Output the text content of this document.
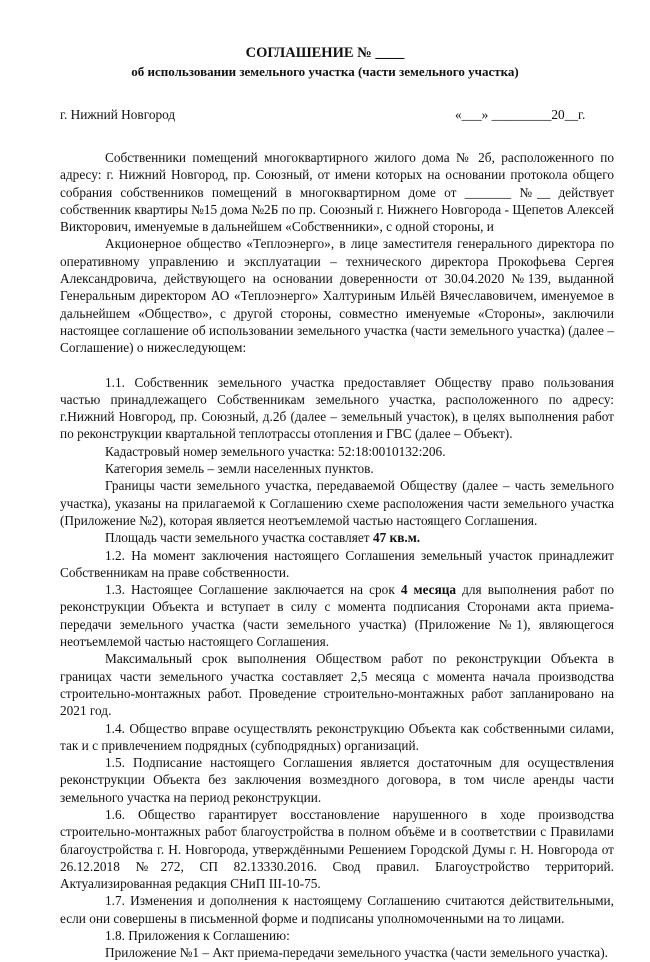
СОГЛАШЕНИЕ № ____
об использовании земельного участка (части земельного участка)
г. Нижний Новгород	«___» _________20__г.

Собственники помещений многоквартирного жилого дома № 2б, расположенного по адресу: г. Нижний Новгород, пр. Союзный, от имени которых на основании протокола общего собрания собственников помещений в многоквартирном доме от _______ №__ действует собственник квартиры №15 дома №2Б по пр. Союзный г. Нижнего Новгорода - Щепетов Алексей Викторович, именуемые в дальнейшем «Собственники», с одной стороны, и

Акционерное общество «Теплоэнерго», в лице заместителя генерального директора по оперативному управлению и эксплуатации – технического директора Прокофьева Сергея Александровича, действующего на основании доверенности от 30.04.2020 №139, выданной Генеральным директором АО «Теплоэнерго» Халтуриным Ильёй Вячеславовичем, именуемое в дальнейшем «Общество», с другой стороны, совместно именуемые «Стороны», заключили настоящее соглашение об использовании земельного участка (части земельного участка) (далее – Соглашение) о нижеследующем:

1.1. Собственник земельного участка предоставляет Обществу право пользования частью принадлежащего Собственникам земельного участка, расположенного по адресу: г.Нижний Новгород, пр. Союзный, д.2б (далее – земельный участок), в целях выполнения работ по реконструкции квартальной теплотрассы отопления и ГВС (далее – Объект).

Кадастровый номер земельного участка: 52:18:0010132:206.

Категория земель – земли населенных пунктов.

Границы части земельного участка, передаваемой Обществу (далее – часть земельного участка), указаны на прилагаемой к Соглашению схеме расположения части земельного участка (Приложение №2), которая является неотъемлемой частью настоящего Соглашения.

Площадь части земельного участка составляет 47 кв.м.

1.2. На момент заключения настоящего Соглашения земельный участок принадлежит Собственникам на праве собственности.

1.3. Настоящее Соглашение заключается на срок 4 месяца для выполнения работ по реконструкции Объекта и вступает в силу с момента подписания Сторонами акта приема-передачи земельного участка (части земельного участка) (Приложение №1), являющегося неотъемлемой частью настоящего Соглашения.

Максимальный срок выполнения Обществом работ по реконструкции Объекта в границах части земельного участка составляет 2,5 месяца с момента начала производства строительно-монтажных работ. Проведение строительно-монтажных работ запланировано на 2021 год.

1.4. Общество вправе осуществлять реконструкцию Объекта как собственными силами, так и с привлечением подрядных (субподрядных) организаций.

1.5. Подписание настоящего Соглашения является достаточным для осуществления реконструкции Объекта без заключения возмездного договора, в том числе аренды части земельного участка на период реконструкции.

1.6. Общество гарантирует восстановление нарушенного в ходе производства строительно-монтажных работ благоустройства в полном объёме и в соответствии с Правилами благоустройства г. Н. Новгорода, утверждёнными Решением Городской Думы г. Н. Новгорода от 26.12.2018 №272, СП 82.13330.2016. Свод правил. Благоустройство территорий. Актуализированная редакция СНиП III-10-75.

1.7. Изменения и дополнения к настоящему Соглашению считаются действительными, если они совершены в письменной форме и подписаны уполномоченными на то лицами.

1.8. Приложения к Соглашению:

Приложение №1 – Акт приема-передачи земельного участка (части земельного участка).
